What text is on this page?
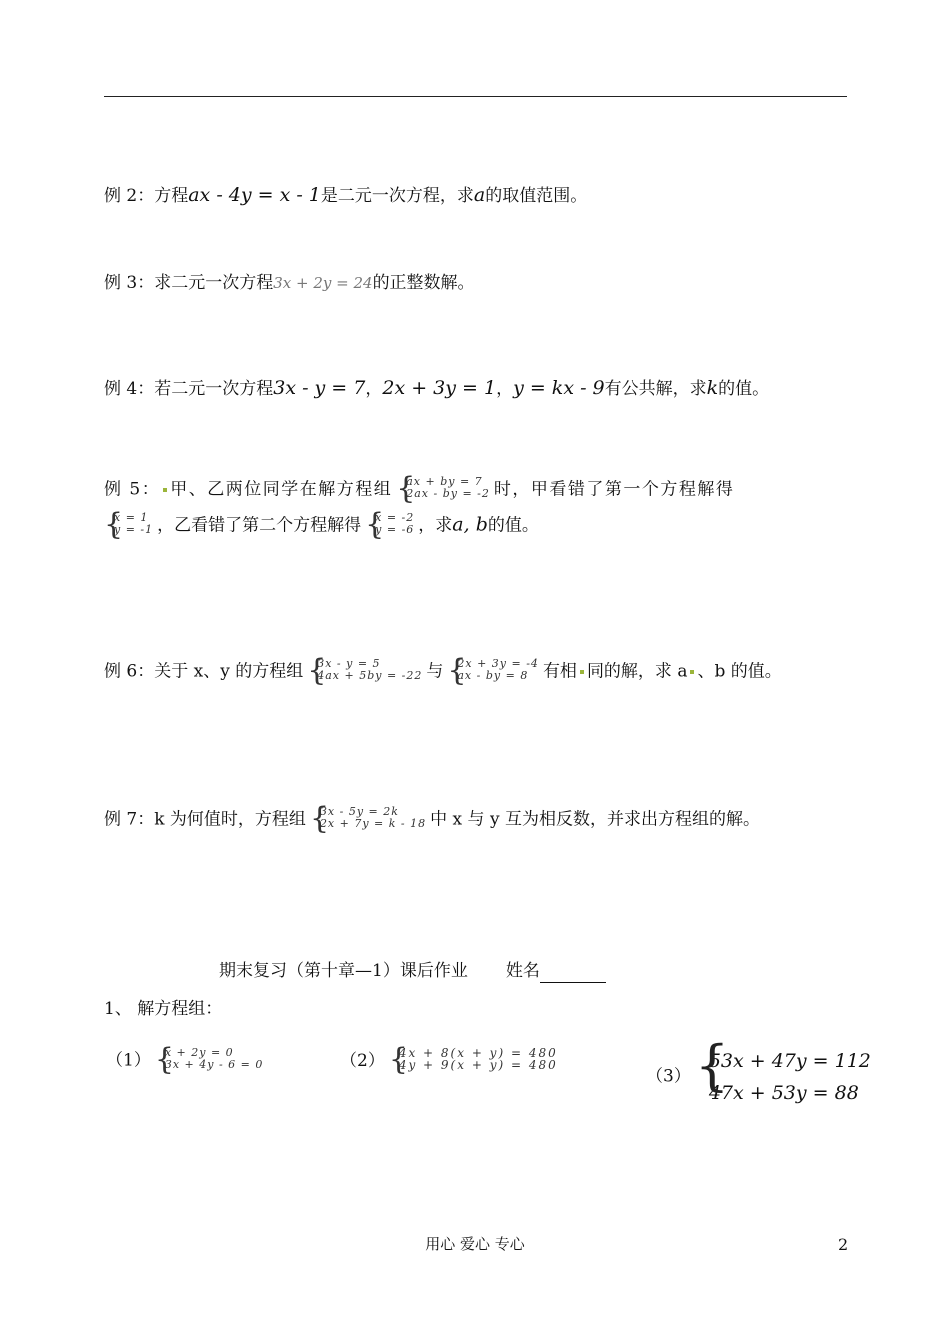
例 2：方程ax - 4y = x - 1是二元一次方程，求a的取值范围。
例 3：求二元一次方程3x + 2y = 24的正整数解。
例 4：若二元一次方程3x - y = 7，2x + 3y = 1，y = kx - 9有公共解，求k的值。
例 5： 甲、乙两位同学在解方程组 {
ax + by = 7
2ax - by = -2 时，甲看错了第一个方程解得
{
x = 1
y = -1 ，乙看错了第二个方程解得 {
x = -2
y = -6 ，求a, b的值。
例 6：关于 x、y 的方程组 {
3x - y = 5
4ax + 5by = -22 与 {
2x + 3y = -4
ax - by = 8 有相 同的解，求 a 、b 的值。
例 7：k 为何值时，方程组 {
3x - 5y = 2k
2x + 7y = k - 18 中 x 与 y 互为相反数，并求出方程组的解。
期末复习（第十章—1）课后作业 姓名
1、 解方程组：
（1） {
x + 2y = 0
3x + 4y - 6 = 0	（2） {
4x + 8(x + y) = 480
4y + 9(x + y) = 480
（3） {
53x + 47y = 112
47x + 53y = 88
用心 爱心 专心	2
